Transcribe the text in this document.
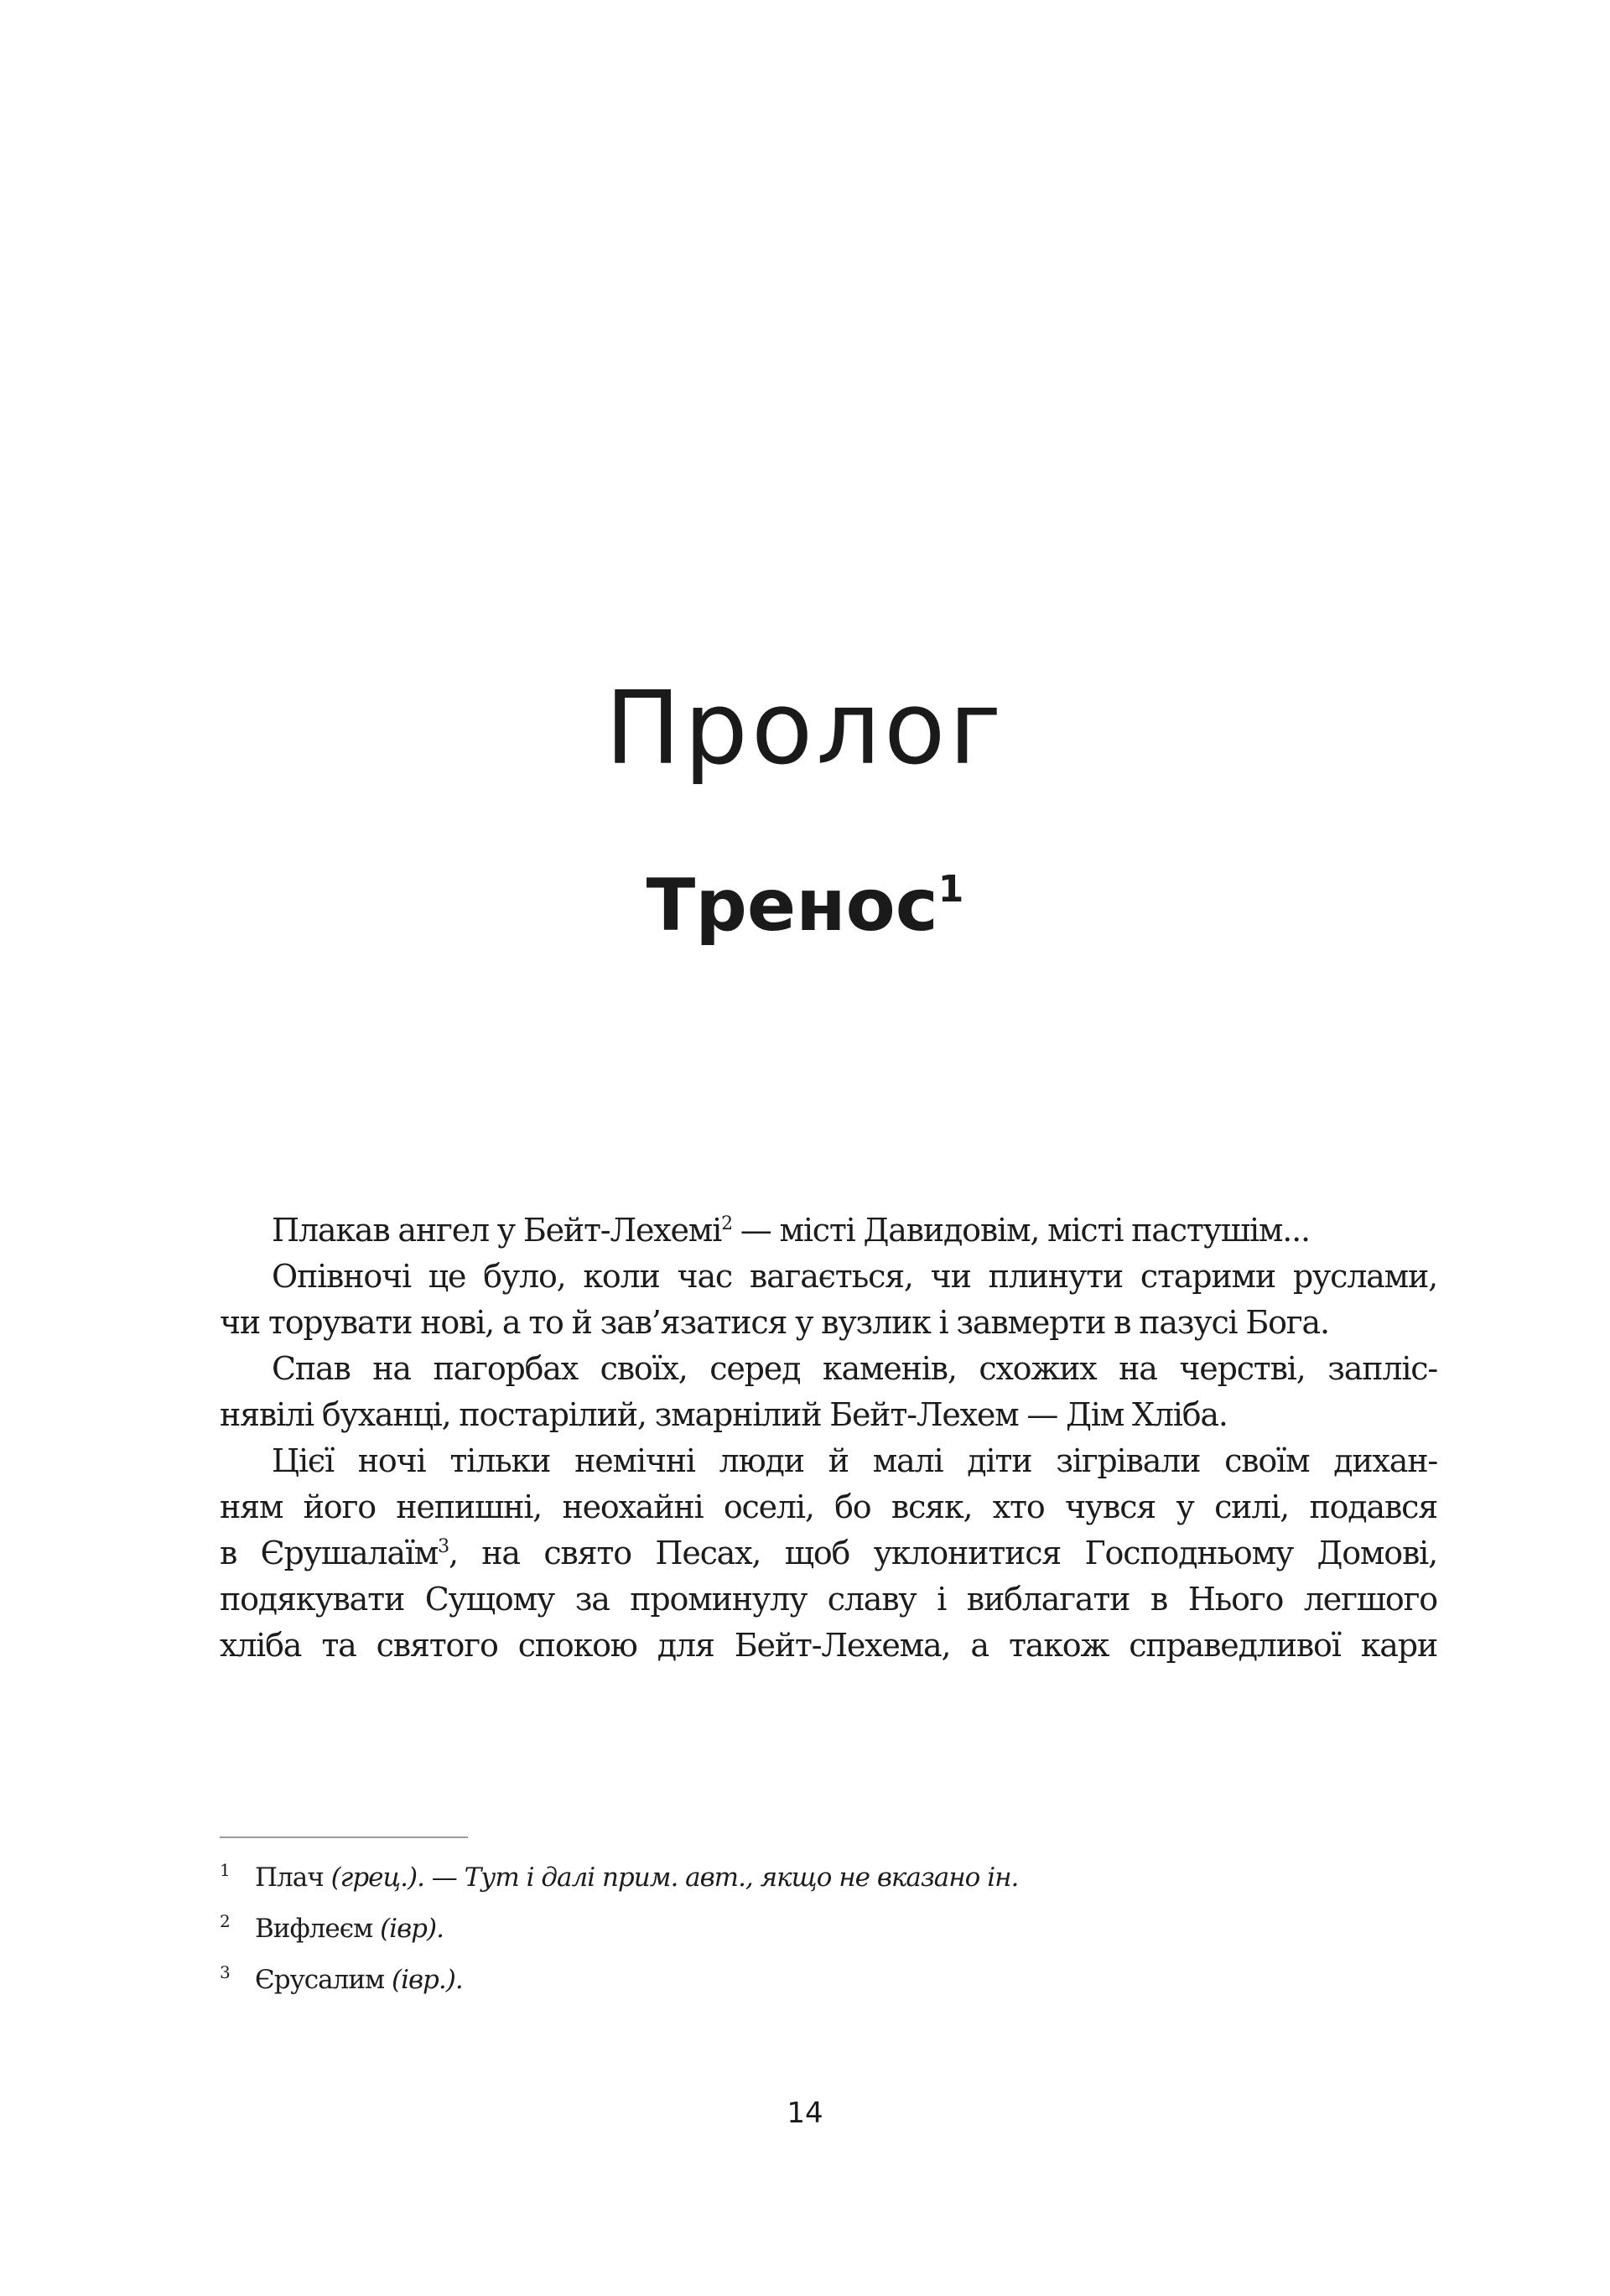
Пролог
Тренос$^1$

Плакав ангел у Бейт-Лехемі$^2$ — місті Давидовім, місті пастушім...

Опівночі це було, коли час вагається, чи плинути старими руслами,

чи торувати нові, а то й зав’язатися у вузлик і завмерти в пазусі Бога.

Спав на пагорбах своїх, серед каменів, схожих на черстві, запліс-

нявілі буханці, постарілий, змарнілий Бейт-Лехем — Дім Хліба.

Цієї ночі тільки немічні люди й малі діти зігрівали своїм дихан-

ням його непишні, неохайні оселі, бо всяк, хто чувся у силі, подався

в Єрушалаїм$^3$, на свято Песах, щоб уклонитися Господньому Домові,

подякувати Сущому за проминулу славу і виблагати в Нього легшого

хліба та святого спокою для Бейт-Лехема, а також справедливої кари

1 Плач (грец.). — Тут і далі прим. авт., якщо не вказано ін.
2 Вифлеєм (івр).
3 Єрусалим (івр.).
14
